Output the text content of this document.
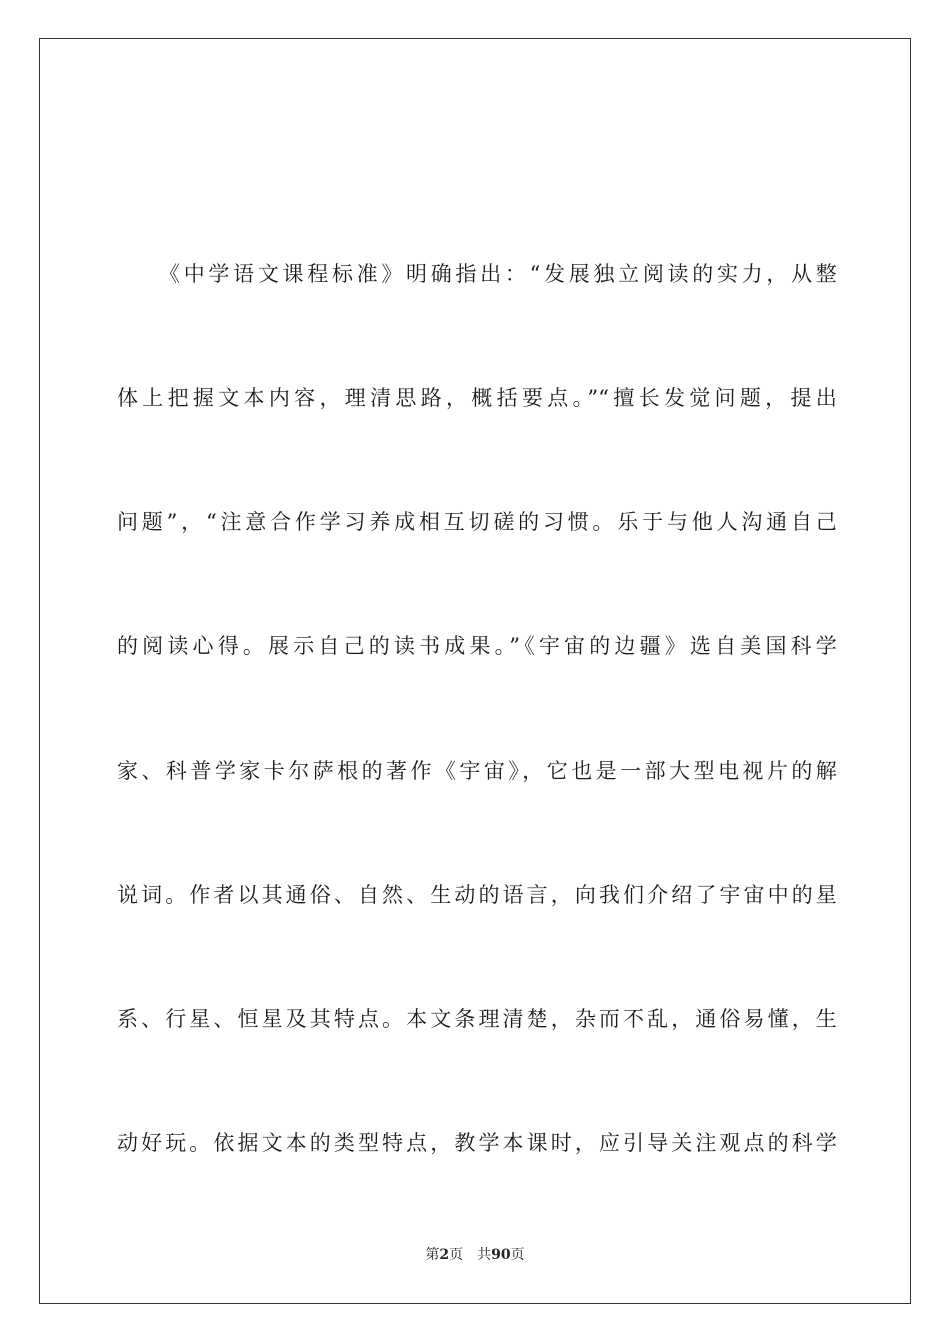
《中学语文课程标准》明确指出：“发展独立阅读的实力，从整
体上把握文本内容，理清思路，概括要点。”“擅长发觉问题，提出
问题”，“注意合作学习养成相互切磋的习惯。乐于与他人沟通自己
的阅读心得。展示自己的读书成果。”《宇宙的边疆》选自美国科学
家、科普学家卡尔萨根的著作《宇宙》，它也是一部大型电视片的解
说词。作者以其通俗、自然、生动的语言，向我们介绍了宇宙中的星
系、行星、恒星及其特点。本文条理清楚，杂而不乱，通俗易懂，生
动好玩。依据文本的类型特点，教学本课时，应引导关注观点的科学
第2页 共90页
